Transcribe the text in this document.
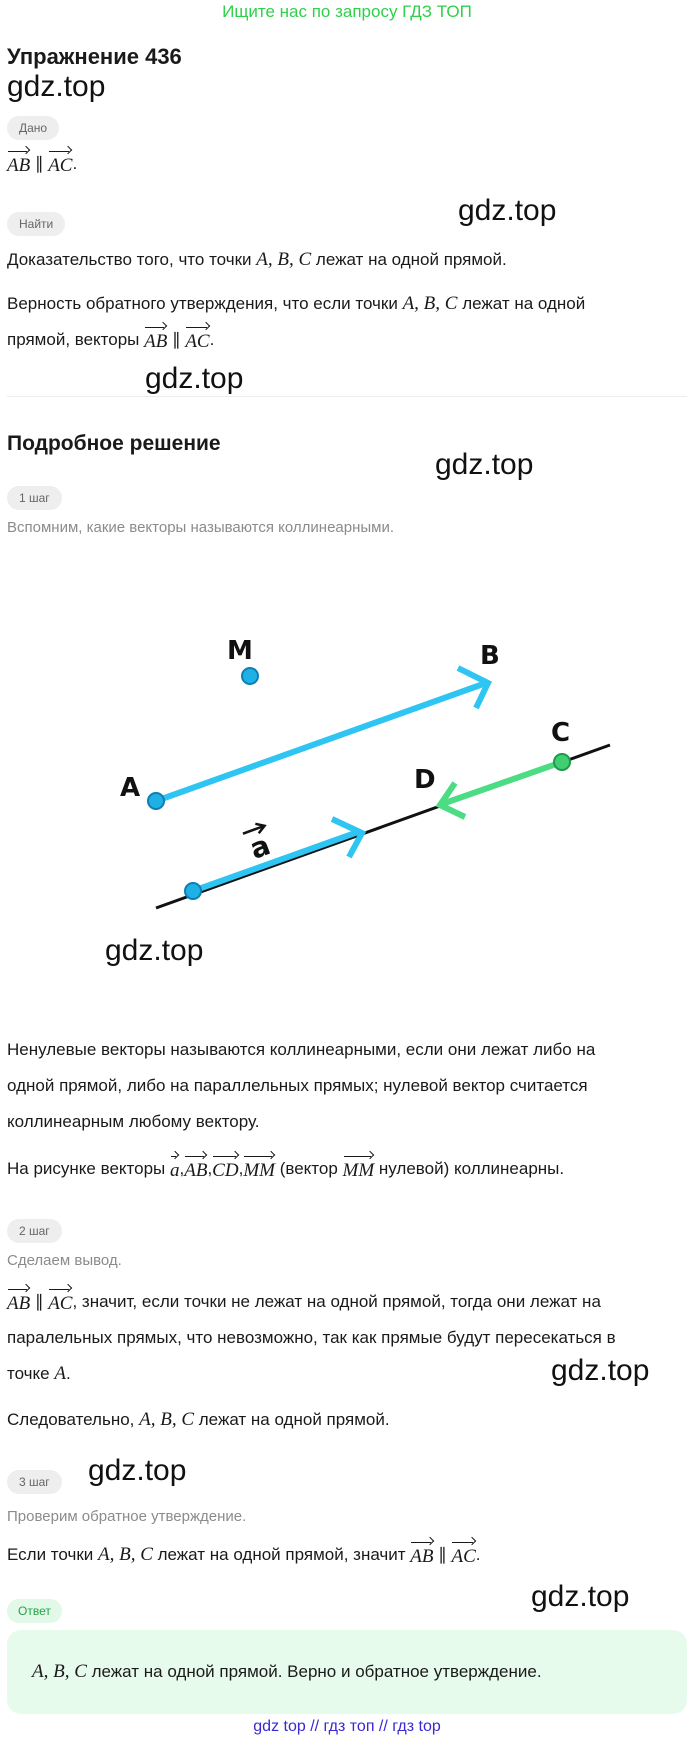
Ищите нас по запросу ГДЗ ТОП
Упражнение 436
gdz.top
gdz.top
gdz.top
gdz.top
gdz.top
gdz.top
gdz.top
gdz.top
Дано
AB ∥ AC.
Найти
Доказательство того, что точки A, B, C лежат на одной прямой.
Верность обратного утверждения, что если точки A, B, C лежат на одной
прямой, векторы AB ∥ AC.
Подробное решение
1 шаг
Вспомним, какие векторы называются коллинеарными.
M	B
A
C
D
a
Ненулевые векторы называются коллинеарными, если они лежат либо на
одной прямой, либо на параллельных прямых; нулевой вектор считается
коллинеарным любому вектору.
На рисунке векторы a,AB,CD,MM (вектор MM нулевой) коллинеарны.
2 шаг
Сделаем вывод.
AB ∥ AC, значит, если точки не лежат на одной прямой, тогда они лежат на
паралельных прямых, что невозможно, так как прямые будут пересекаться в
точке A.
Следовательно, A, B, C лежат на одной прямой.
3 шаг
Проверим обратное утверждение.
Если точки A, B, C лежат на одной прямой, значит AB ∥ AC.
Ответ
A, B, C лежат на одной прямой. Верно и обратное утверждение.
gdz top // гдз топ // гдз top
